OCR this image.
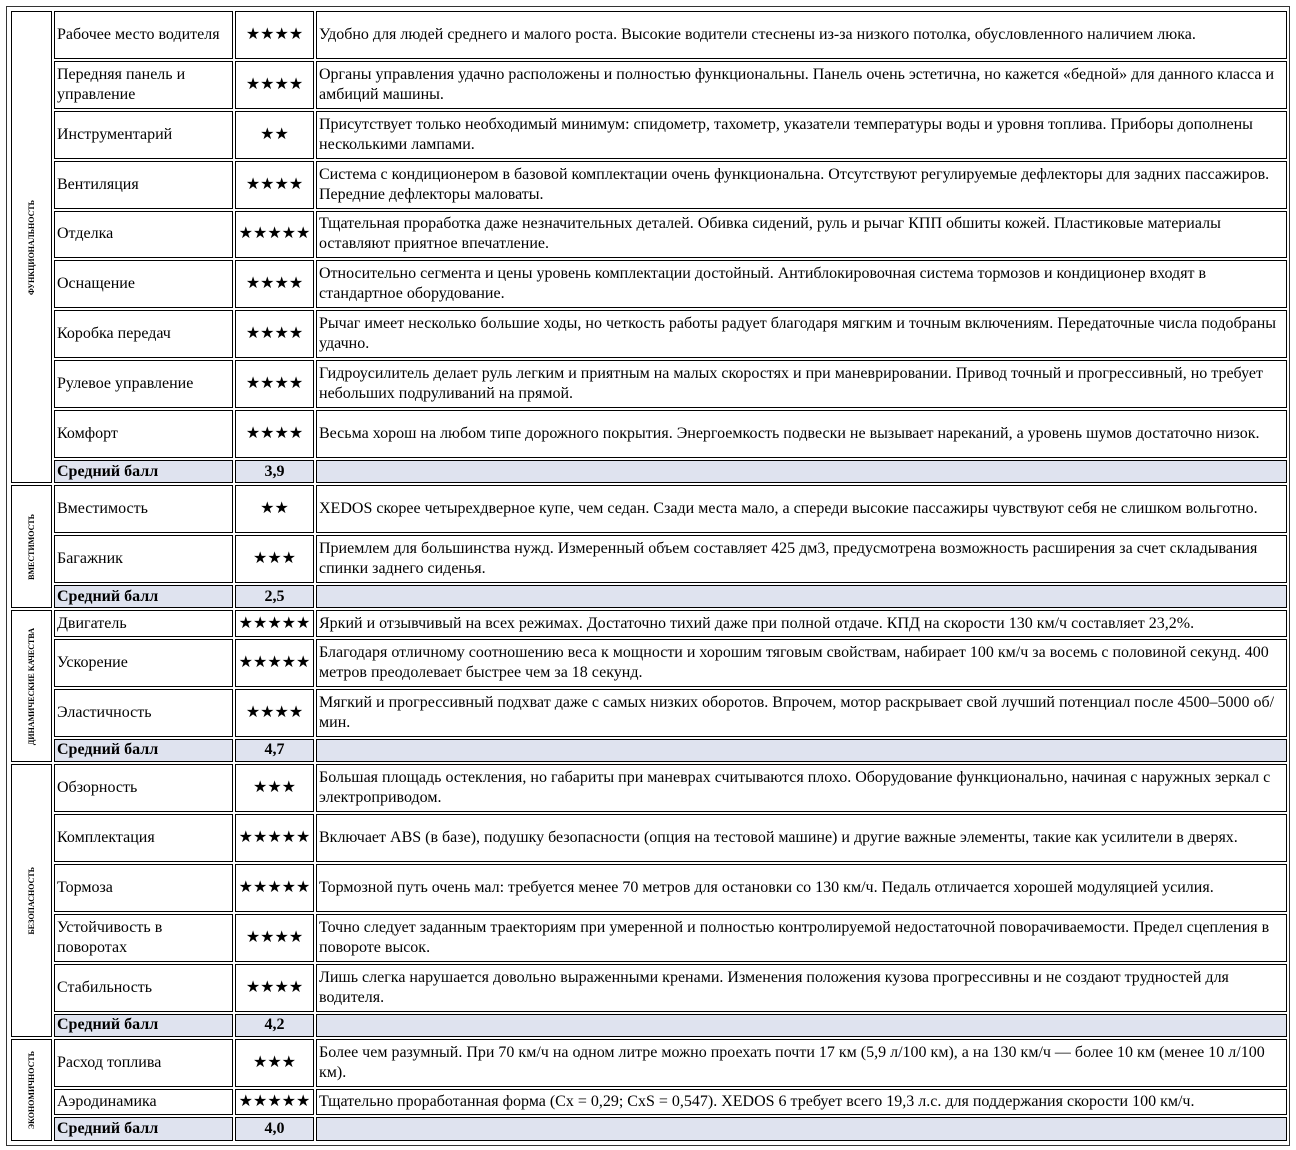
ФУНКЦИОНАЛЬНОСТЬ	Рабочее место водителя	★★★★	Удобно для людей среднего и малого роста. Высокие водители стеснены из-за низкого потолка, обусловленного наличием люка.
	Передняя панель и управление	★★★★	Органы управления удачно расположены и полностью функциональны. Панель очень эстетична, но кажется «бедной» для данного класса и амбиций машины.
	Инструментарий	★★	Присутствует только необходимый минимум: спидометр, тахометр, указатели температуры воды и уровня топлива. Приборы дополнены несколькими лампами.
	Вентиляция	★★★★	Система с кондиционером в базовой комплектации очень функциональна. Отсутствуют регулируемые дефлекторы для задних пассажиров. Передние дефлекторы маловаты.
	Отделка	★★★★★	Тщательная проработка даже незначительных деталей. Обивка сидений, руль и рычаг КПП обшиты кожей. Пластиковые материалы оставляют приятное впечатление.
	Оснащение	★★★★	Относительно сегмента и цены уровень комплектации достойный. Антиблокировочная система тормозов и кондиционер входят в стандартное оборудование.
	Коробка передач	★★★★	Рычаг имеет несколько большие ходы, но четкость работы радует благодаря мягким и точным включениям. Передаточные числа подобраны удачно.
	Рулевое управление	★★★★	Гидроусилитель делает руль легким и приятным на малых скоростях и при маневрировании. Привод точный и прогрессивный, но требует небольших подруливаний на прямой.
	Комфорт	★★★★	Весьма хорош на любом типе дорожного покрытия. Энергоемкость подвески не вызывает нареканий, а уровень шумов достаточно низок.
	Средний балл	3,9	

ВМЕСТИМОСТЬ	Вместимость	★★	XEDOS скорее четырехдверное купе, чем седан. Сзади места мало, а спереди высокие пассажиры чувствуют себя не слишком вольготно.
	Багажник	★★★	Приемлем для большинства нужд. Измеренный объем составляет 425 дм3, предусмотрена возможность расширения за счет складывания спинки заднего сиденья.
	Средний балл	2,5	

ДИНАМИЧЕСКИЕ КАЧЕСТВА	Двигатель	★★★★★	Яркий и отзывчивый на всех режимах. Достаточно тихий даже при полной отдаче. КПД на скорости 130 км/ч составляет 23,2%.
	Ускорение	★★★★★	Благодаря отличному соотношению веса к мощности и хорошим тяговым свойствам, набирает 100 км/ч за восемь с половиной секунд. 400 метров преодолевает быстрее чем за 18 секунд.
	Эластичность	★★★★	Мягкий и прогрессивный подхват даже с самых низких оборотов. Впрочем, мотор раскрывает свой лучший потенциал после 4500–5000 об/мин.
	Средний балл	4,7	

БЕЗОПАСНОСТЬ	Обзорность	★★★	Большая площадь остекления, но габариты при маневрах считываются плохо. Оборудование функционально, начиная с наружных зеркал с электроприводом.
	Комплектация	★★★★★	Включает ABS (в базе), подушку безопасности (опция на тестовой машине) и другие важные элементы, такие как усилители в дверях.
	Тормоза	★★★★★	Тормозной путь очень мал: требуется менее 70 метров для остановки со 130 км/ч. Педаль отличается хорошей модуляцией усилия.
	Устойчивость в поворотах	★★★★	Точно следует заданным траекториям при умеренной и полностью контролируемой недостаточной поворачиваемости. Предел сцепления в повороте высок.
	Стабильность	★★★★	Лишь слегка нарушается довольно выраженными кренами. Изменения положения кузова прогрессивны и не создают трудностей для водителя.
	Средний балл	4,2	

ЭКОНОМИЧНОСТЬ	Расход топлива	★★★	Более чем разумный. При 70 км/ч на одном литре можно проехать почти 17 км (5,9 л/100 км), а на 130 км/ч — более 10 км (менее 10 л/100 км).
	Аэродинамика	★★★★★	Тщательно проработанная форма (Cx = 0,29; CxS = 0,547). XEDOS 6 требует всего 19,3 л.с. для поддержания скорости 100 км/ч.
	Средний балл	4,0	
